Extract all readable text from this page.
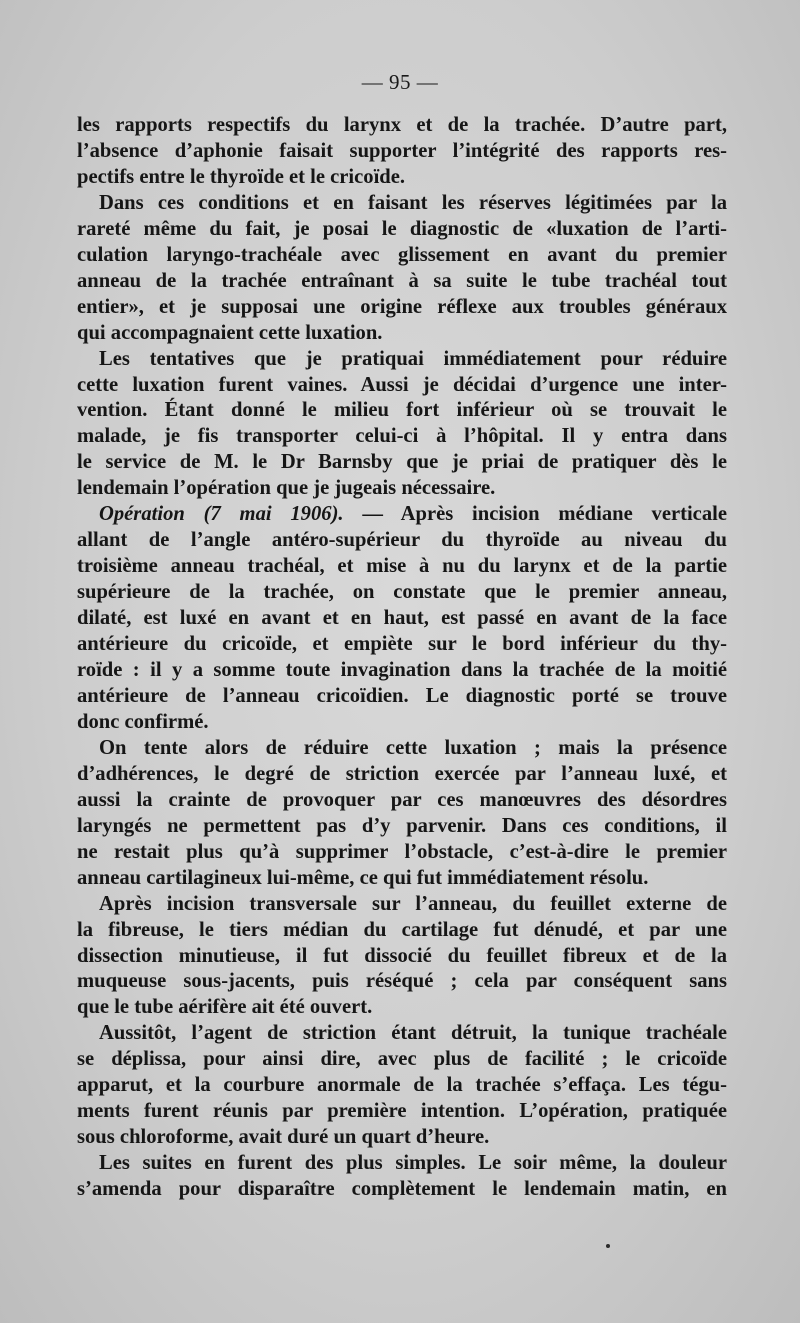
— 95 —

les rapports respectifs du larynx et de la trachée. D’autre part,
l’absence d’aphonie faisait supporter l’intégrité des rapports res-
pectifs entre le thyroïde et le cricoïde.

Dans ces conditions et en faisant les réserves légitimées par la
rareté même du fait, je posai le diagnostic de «luxation de l’arti-
culation laryngo-trachéale avec glissement en avant du premier
anneau de la trachée entraînant à sa suite le tube trachéal tout
entier», et je supposai une origine réflexe aux troubles généraux
qui accompagnaient cette luxation.

Les tentatives que je pratiquai immédiatement pour réduire
cette luxation furent vaines. Aussi je décidai d’urgence une inter-
vention. Étant donné le milieu fort inférieur où se trouvait le
malade, je fis transporter celui-ci à l’hôpital. Il y entra dans
le service de M. le Dr Barnsby que je priai de pratiquer dès le
lendemain l’opération que je jugeais nécessaire.

Opération (7 mai 1906). — Après incision médiane verticale
allant de l’angle antéro-supérieur du thyroïde au niveau du
troisième anneau trachéal, et mise à nu du larynx et de la partie
supérieure de la trachée, on constate que le premier anneau,
dilaté, est luxé en avant et en haut, est passé en avant de la face
antérieure du cricoïde, et empiète sur le bord inférieur du thy-
roïde : il y a somme toute invagination dans la trachée de la moitié
antérieure de l’anneau cricoïdien. Le diagnostic porté se trouve
donc confirmé.

On tente alors de réduire cette luxation ; mais la présence
d’adhérences, le degré de striction exercée par l’anneau luxé, et
aussi la crainte de provoquer par ces manœuvres des désordres
laryngés ne permettent pas d’y parvenir. Dans ces conditions, il
ne restait plus qu’à supprimer l’obstacle, c’est-à-dire le premier
anneau cartilagineux lui-même, ce qui fut immédiatement résolu.

Après incision transversale sur l’anneau, du feuillet externe de
la fibreuse, le tiers médian du cartilage fut dénudé, et par une
dissection minutieuse, il fut dissocié du feuillet fibreux et de la
muqueuse sous-jacents, puis réséqué ; cela par conséquent sans
que le tube aérifère ait été ouvert.

Aussitôt, l’agent de striction étant détruit, la tunique trachéale
se déplissa, pour ainsi dire, avec plus de facilité ; le cricoïde
apparut, et la courbure anormale de la trachée s’effaça. Les tégu-
ments furent réunis par première intention. L’opération, pratiquée
sous chloroforme, avait duré un quart d’heure.

Les suites en furent des plus simples. Le soir même, la douleur
s’amenda pour disparaître complètement le lendemain matin, en
